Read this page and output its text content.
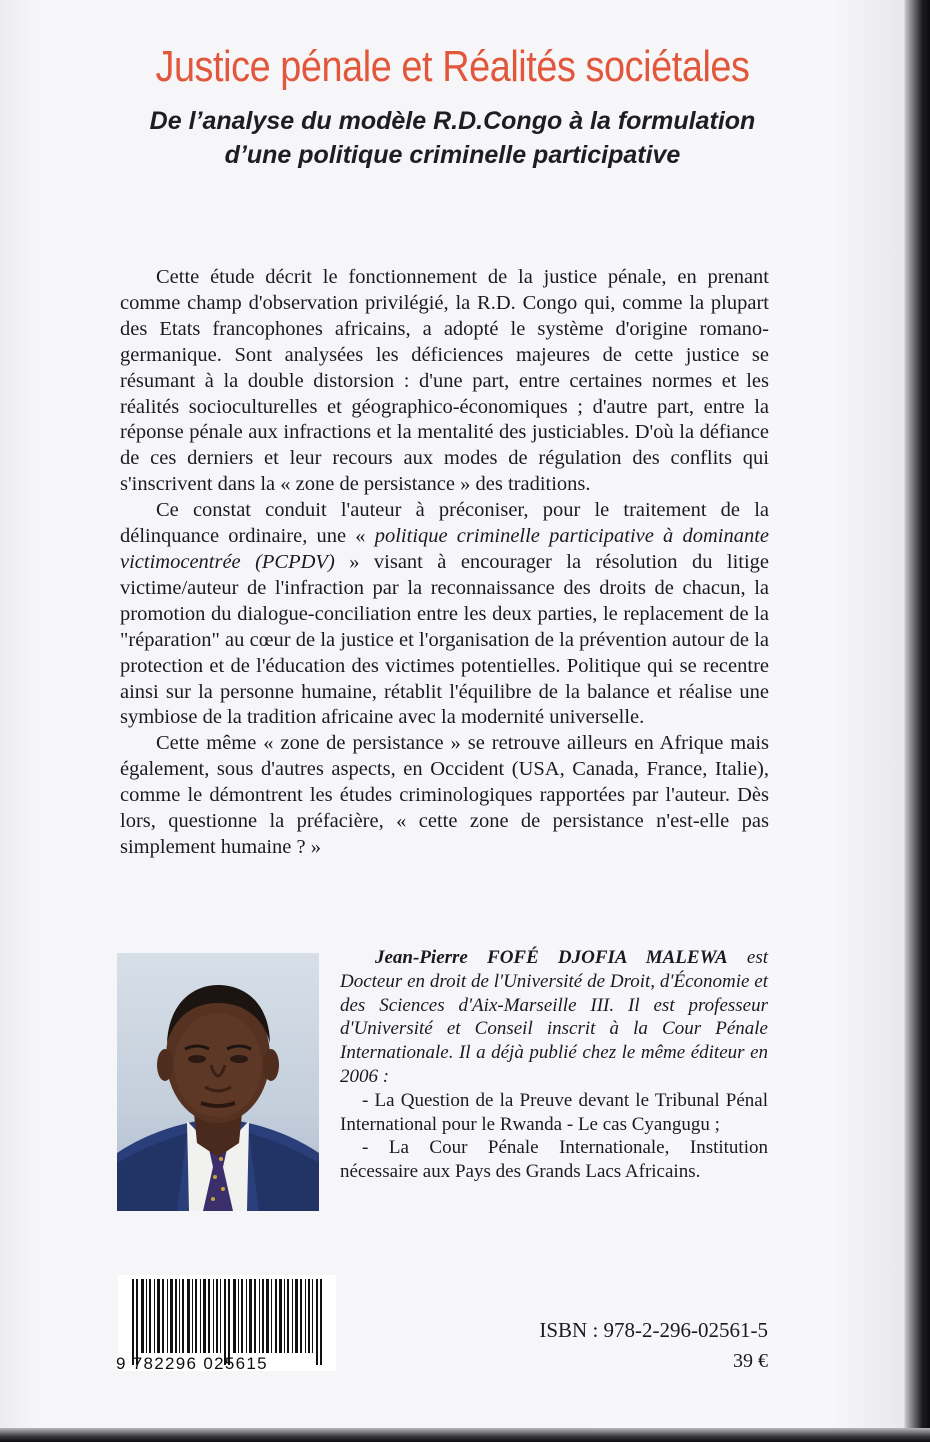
Justice pénale et Réalités sociétales
De l’analyse du modèle R.D.Congo à la formulation
d’une politique criminelle participative

Cette étude décrit le fonctionnement de la justice pénale, en prenant comme champ d'observation privilégié, la R.D. Congo qui, comme la plupart des Etats francophones africains, a adopté le système d'origine romano-germanique. Sont analysées les déficiences majeures de cette justice se résumant à la double distorsion : d'une part, entre certaines normes et les réalités socioculturelles et géographico-économiques ; d'autre part, entre la réponse pénale aux infractions et la mentalité des justiciables. D'où la défiance de ces derniers et leur recours aux modes de régulation des conflits qui s'inscrivent dans la « zone de persistance » des traditions.

Ce constat conduit l'auteur à préconiser, pour le traitement de la délinquance ordinaire, une « politique criminelle participative à dominante victimocentrée (PCPDV) » visant à encourager la résolution du litige victime/auteur de l'infraction par la reconnaissance des droits de chacun, la promotion du dialogue-conciliation entre les deux parties, le replacement de la "réparation" au cœur de la justice et l'organisation de la prévention autour de la protection et de l'éducation des victimes potentielles. Politique qui se recentre ainsi sur la personne humaine, rétablit l'équilibre de la balance et réalise une symbiose de la tradition africaine avec la modernité universelle.

Cette même « zone de persistance » se retrouve ailleurs en Afrique mais également, sous d'autres aspects, en Occident (USA, Canada, France, Italie), comme le démontrent les études criminologiques rapportées par l'auteur. Dès lors, questionne la préfacière, « cette zone de persistance n'est-elle pas simplement humaine ? »

Jean-Pierre FOFÉ DJOFIA MALEWA est Docteur en droit de l'Université de Droit, d'Économie et des Sciences d'Aix-Marseille III. Il est professeur d'Université et Conseil inscrit à la Cour Pénale Internationale. Il a déjà publié chez le même éditeur en 2006 :

- La Question de la Preuve devant le Tribunal Pénal International pour le Rwanda - Le cas Cyangugu ;
- La Cour Pénale Internationale, Institution nécessaire aux Pays des Grands Lacs Africains.
9 782296 025615
ISBN : 978-2-296-02561-5
39 €
